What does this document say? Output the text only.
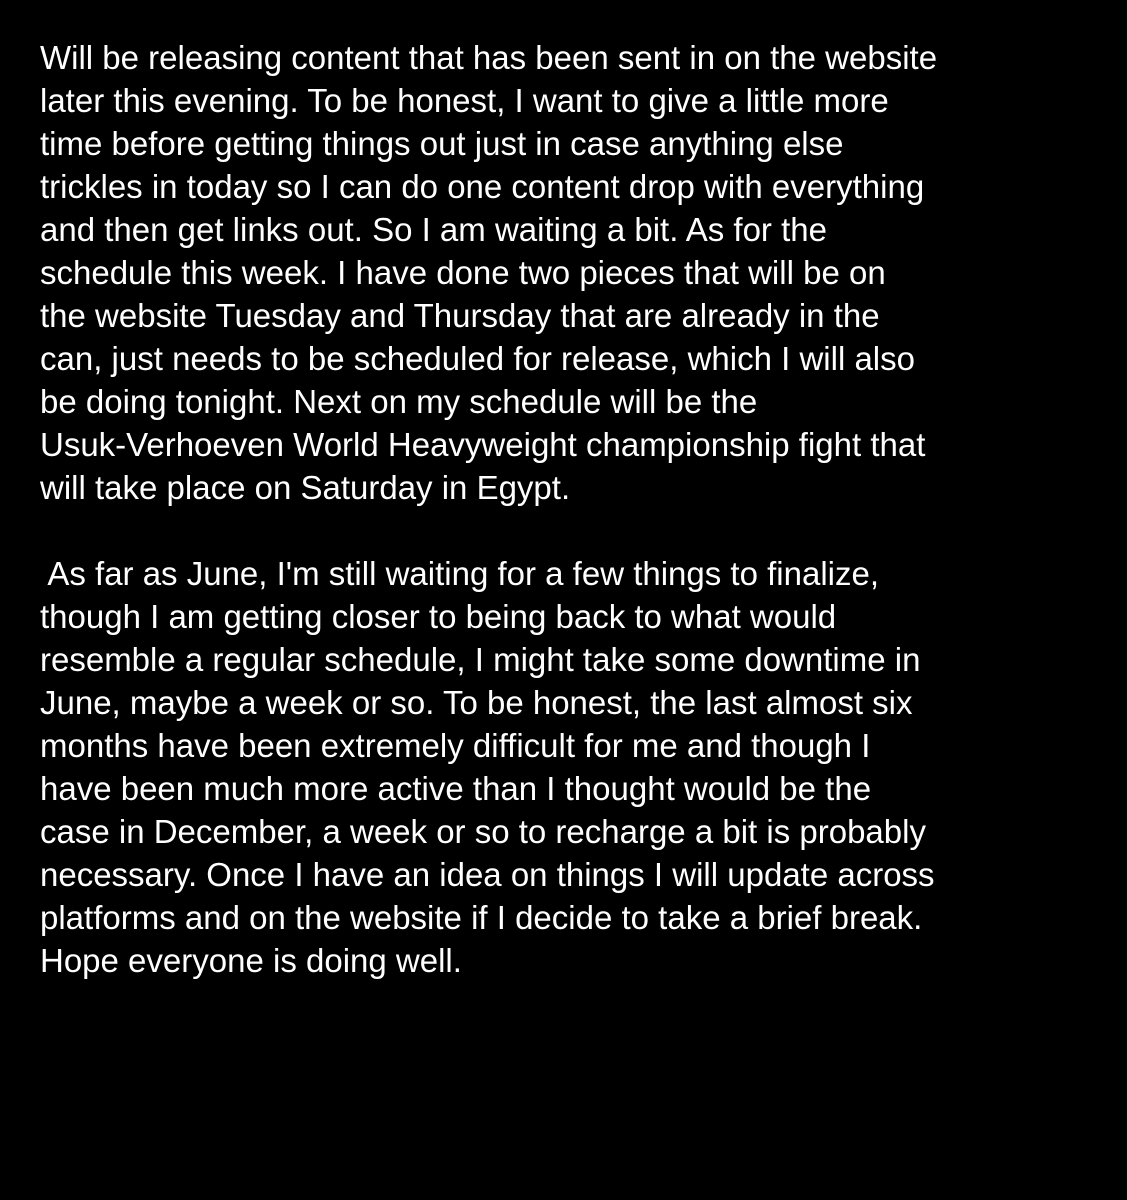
Will be releasing content that has been sent in on the website
later this evening. To be honest, I want to give a little more
time before getting things out just in case anything else
trickles in today so I can do one content drop with everything
and then get links out. So I am waiting a bit. As for the
schedule this week. I have done two pieces that will be on
the website Tuesday and Thursday that are already in the
can, just needs to be scheduled for release, which I will also
be doing tonight. Next on my schedule will be the
Usuk-Verhoeven World Heavyweight championship fight that
will take place on Saturday in Egypt.

As far as June, I'm still waiting for a few things to finalize,
though I am getting closer to being back to what would
resemble a regular schedule, I might take some downtime in
June, maybe a week or so. To be honest, the last almost six
months have been extremely difficult for me and though I
have been much more active than I thought would be the
case in December, a week or so to recharge a bit is probably
necessary. Once I have an idea on things I will update across
platforms and on the website if I decide to take a brief break.
Hope everyone is doing well.
